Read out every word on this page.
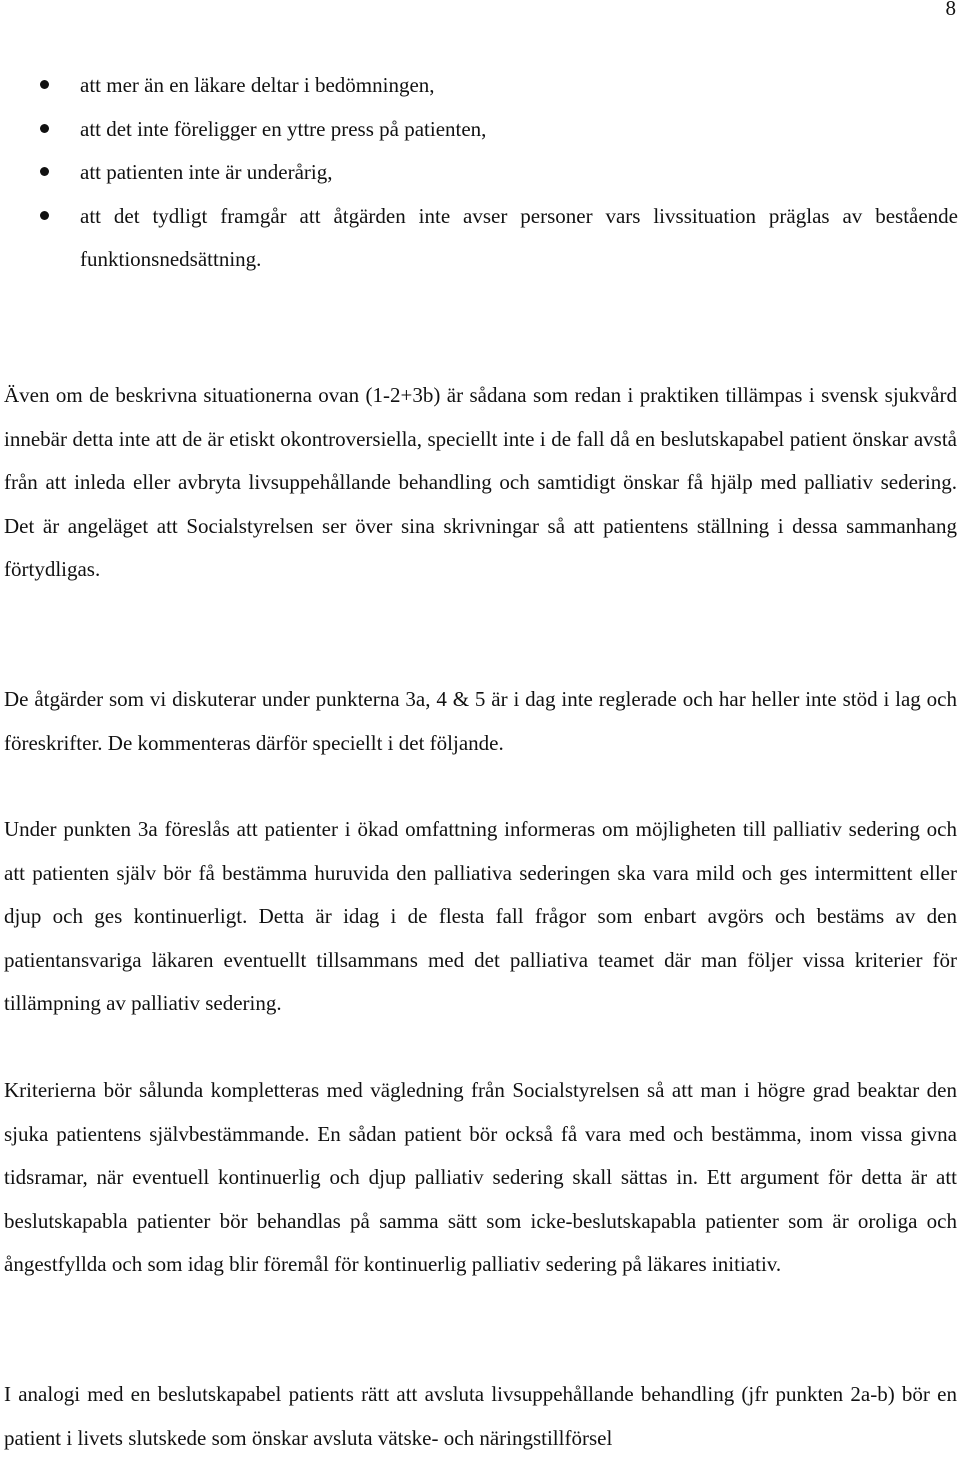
8
att mer än en läkare deltar i bedömningen,
att det inte föreligger en yttre press på patienten,
att patienten inte är underårig,
att det tydligt framgår att åtgärden inte avser personer vars livssituation präglas av bestående funktionsnedsättning.

Även om de beskrivna situationerna ovan (1-2+3b) är sådana som redan i praktiken tillämpas i svensk sjukvård innebär detta inte att de är etiskt okontroversiella, speciellt inte i de fall då en beslutskapabel patient önskar avstå från att inleda eller avbryta livsuppehållande behandling och samtidigt önskar få hjälp med palliativ sedering. Det är angeläget att Socialstyrelsen ser över sina skrivningar så att patientens ställning i dessa sammanhang förtydligas.

De åtgärder som vi diskuterar under punkterna 3a, 4 & 5 är i dag inte reglerade och har heller inte stöd i lag och föreskrifter. De kommenteras därför speciellt i det följande.

Under punkten 3a föreslås att patienter i ökad omfattning informeras om möjligheten till palliativ sedering och att patienten själv bör få bestämma huruvida den palliativa sederingen ska vara mild och ges intermittent eller djup och ges kontinuerligt. Detta är idag i de flesta fall frågor som enbart avgörs och bestäms av den patientansvariga läkaren eventuellt tillsammans med det palliativa teamet där man följer vissa kriterier för tillämpning av palliativ sedering.

Kriterierna bör sålunda kompletteras med vägledning från Socialstyrelsen så att man i högre grad beaktar den sjuka patientens självbestämmande. En sådan patient bör också få vara med och bestämma, inom vissa givna tidsramar, när eventuell kontinuerlig och djup palliativ sedering skall sättas in. Ett argument för detta är att beslutskapabla patienter bör behandlas på samma sätt som icke-beslutskapabla patienter som är oroliga och ångestfyllda och som idag blir föremål för kontinuerlig palliativ sedering på läkares initiativ.

I analogi med en beslutskapabel patients rätt att avsluta livsuppehållande behandling (jfr punkten 2a-b) bör en patient i livets slutskede som önskar avsluta vätske- och näringstillförsel
